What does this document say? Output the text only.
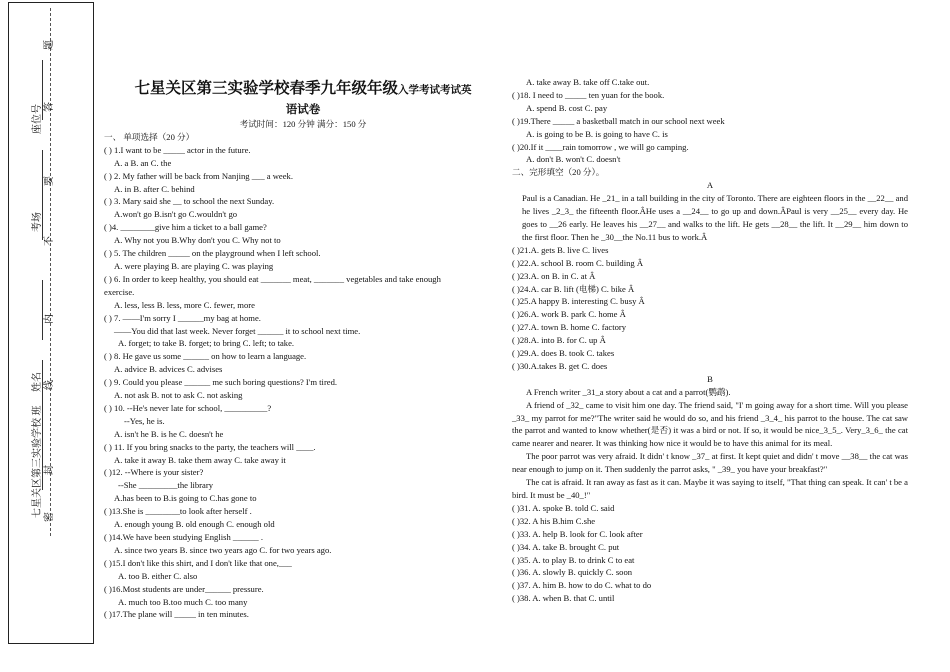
题
答
要
不
内
线
封
密
座位号
考场
姓名
七星关区第三实验学校 班
七星关区第三实验学校春季九年级年级入学考试考试英
语试卷
考试时间：120 分钟 满分：150 分
一、 单项选择（20 分）
( ) 1.I want to be _____ actor in the future.
A. a B. an C. the
( ) 2. My father will be back from Nanjing ___ a week.
A. in B. after C. behind
( ) 3. Mary said she __ to school the next Sunday.
A.won't go B.isn't go C.wouldn't go
( )4. ________give him a ticket to a ball game?
A. Why not you B.Why don't you C. Why not to
( ) 5. The children _____ on the playground when I left school.
A. were playing B. are playing C. was playing
( ) 6. In order to keep healthy, you should eat _______ meat, _______ vegetables and take enough
exercise.
A. less, less B. less, more C. fewer, more
( ) 7. ——I'm sorry I ______my bag at home.
——You did that last week. Never forget ______ it to school next time.
A. forget; to take B. forget; to bring C. left; to take.
( ) 8. He gave us some ______ on how to learn a language.
A. advice B. advices C. advises
( ) 9. Could you please ______ me such boring questions? I'm tired.
A. not ask B. not to ask C. not asking
( ) 10. --He's never late for school, __________?
--Yes, he is.
A. isn't he B. is he C. doesn't he
( ) 11. If you bring snacks to the party, the teachers will ____.
A. take it away B. take them away C. take away it
( )12. --Where is your sister?
--She _________the library
A.has been to B.is going to C.has gone to
( )13.She is ________to look after herself .
A. enough young B. old enough C. enough old
( )14.We have been studying English ______ .
A. since two years B. since two years ago C. for two years ago.
( )15.I don't like this shirt, and I don't like that one,___
A. too B. either C. also
( )16.Most students are under______ pressure.
A. much too B.too much C. too many
( )17.The plane will _____ in ten minutes.
A. take away B. take off C.take out.
( )18. I need to _____ ten yuan for the book.
A. spend B. cost C. pay
( )19.There _____ a basketball match in our school next week
A. is going to be B. is going to have C. is
( )20.If it ____rain tomorrow , we will go camping.
A. don't B. won't C. doesn't
二、完形填空（20 分）。
A
Paul is a Canadian. He _21_ in a tall building in the city of Toronto. There are eighteen floors in the __22__ and he lives _2_3_ the fifteenth floor.ÂHe uses a __24__ to go up and down.ÂPaul is very __25__ every day. He goes to __26 early. He leaves his __27__ and walks to the lift. He gets __28__ the lift. It __29__ him down to the first floor. Then he _30__the No.11 bus to work.Â
( )21.A. gets B. live C. lives
( )22.A. school B. room C. building Â
( )23.A. on B. in C. at Â
( )24.A. car B. lift (电梯) C. bike Â
( )25.A happy B. interesting C. busy Â
( )26.A. work B. park C. home Â
( )27.A. town B. home C. factory
( )28.A. into B. for C. up Â
( )29.A. does B. took C. takes
( )30.A.takes B. get C. does
B
A French writer _31_a story about a cat and a parrot(鹦鹉).
A friend of _32_ came to visit him one day. The friend said, "I' m going away for a short time. Will you please _33_ my parrot for me?"The writer said he would do so, and his friend _3_4_ his parrot to the house. The cat saw the parrot and wanted to know whether(是否) it was a bird or not. If so, it would be nice_3_5_. Very_3_6_ the cat came nearer and nearer. It was thinking how nice it would be to have this animal for its meal.
The poor parrot was very afraid. It didn' t know _37_ at first. It kept quiet and didn' t move __38__ the cat was near enough to jump on it. Then suddenly the parrot asks, " _39_ you have your breakfast?"
The cat is afraid. It ran away as fast as it can. Maybe it was saying to itself, "That thing can speak. It can' t be a bird. It must be _40_!"
( )31. A. spoke B. told C. said
( )32. A his B.him C.she
( )33. A. help B. look for C. look after
( )34. A. take B. brought C. put
( )35. A. to play B. to drink C to eat
( )36. A. slowly B. quickly C. soon
( )37. A. him B. how to do C. what to do
( )38. A. when B. that C. until
